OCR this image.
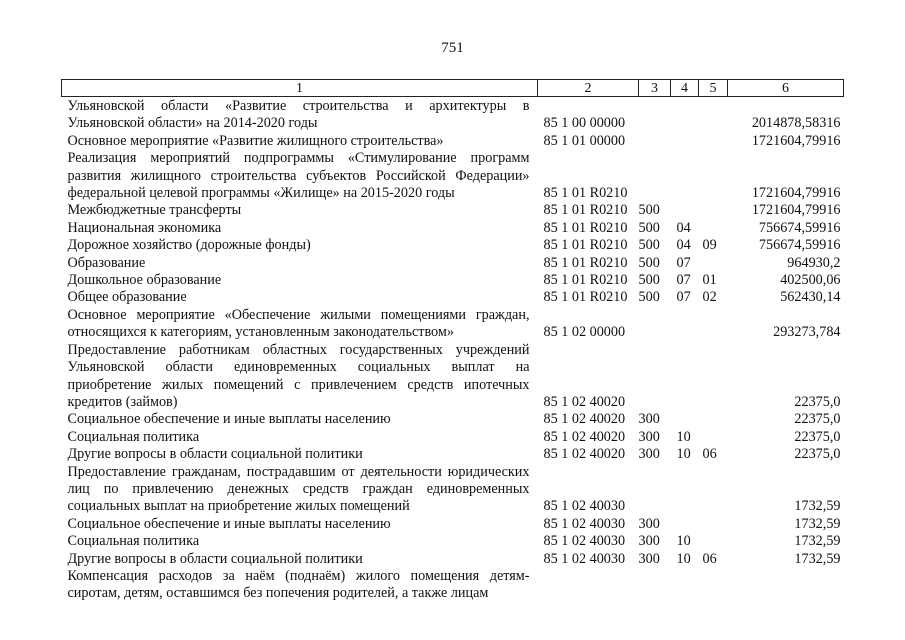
751
1	2	3	4	5	6
Ульяновской области «Развитие строительства и архитектуры в Ульяновской области» на 2014-2020 годы	85 1 00 00000				2014878,58316
Основное мероприятие «Развитие жилищного строительства»	85 1 01 00000				1721604,79916
Реализация мероприятий подпрограммы «Стимулирование программ развития жилищного строительства субъектов Российской Федерации» федеральной целевой программы «Жилище» на 2015-2020 годы	85 1 01 R0210				1721604,79916
Межбюджетные трансферты	85 1 01 R0210	500			1721604,79916
Национальная экономика	85 1 01 R0210	500	04		756674,59916
Дорожное хозяйство (дорожные фонды)	85 1 01 R0210	500	04	09	756674,59916
Образование	85 1 01 R0210	500	07		964930,2
Дошкольное образование	85 1 01 R0210	500	07	01	402500,06
Общее образование	85 1 01 R0210	500	07	02	562430,14
Основное мероприятие «Обеспечение жилыми помещениями граждан, относящихся к категориям, установленным законодательством»	85 1 02 00000				293273,784
Предоставление работникам областных государственных учреждений Ульяновской области единовременных социальных выплат на приобретение жилых помещений с привлечением средств ипотечных кредитов (займов)	85 1 02 40020				22375,0
Социальное обеспечение и иные выплаты населению	85 1 02 40020	300			22375,0
Социальная политика	85 1 02 40020	300	10		22375,0
Другие вопросы в области социальной политики	85 1 02 40020	300	10	06	22375,0
Предоставление гражданам, пострадавшим от деятельности юридических лиц по привлечению денежных средств граждан единовременных социальных выплат на приобретение жилых помещений	85 1 02 40030				1732,59
Социальное обеспечение и иные выплаты населению	85 1 02 40030	300			1732,59
Социальная политика	85 1 02 40030	300	10		1732,59
Другие вопросы в области социальной политики	85 1 02 40030	300	10	06	1732,59
Компенсация расходов за наём (поднаём) жилого помещения детям-сиротам, детям, оставшимся без попечения родителей, а также лицам					
